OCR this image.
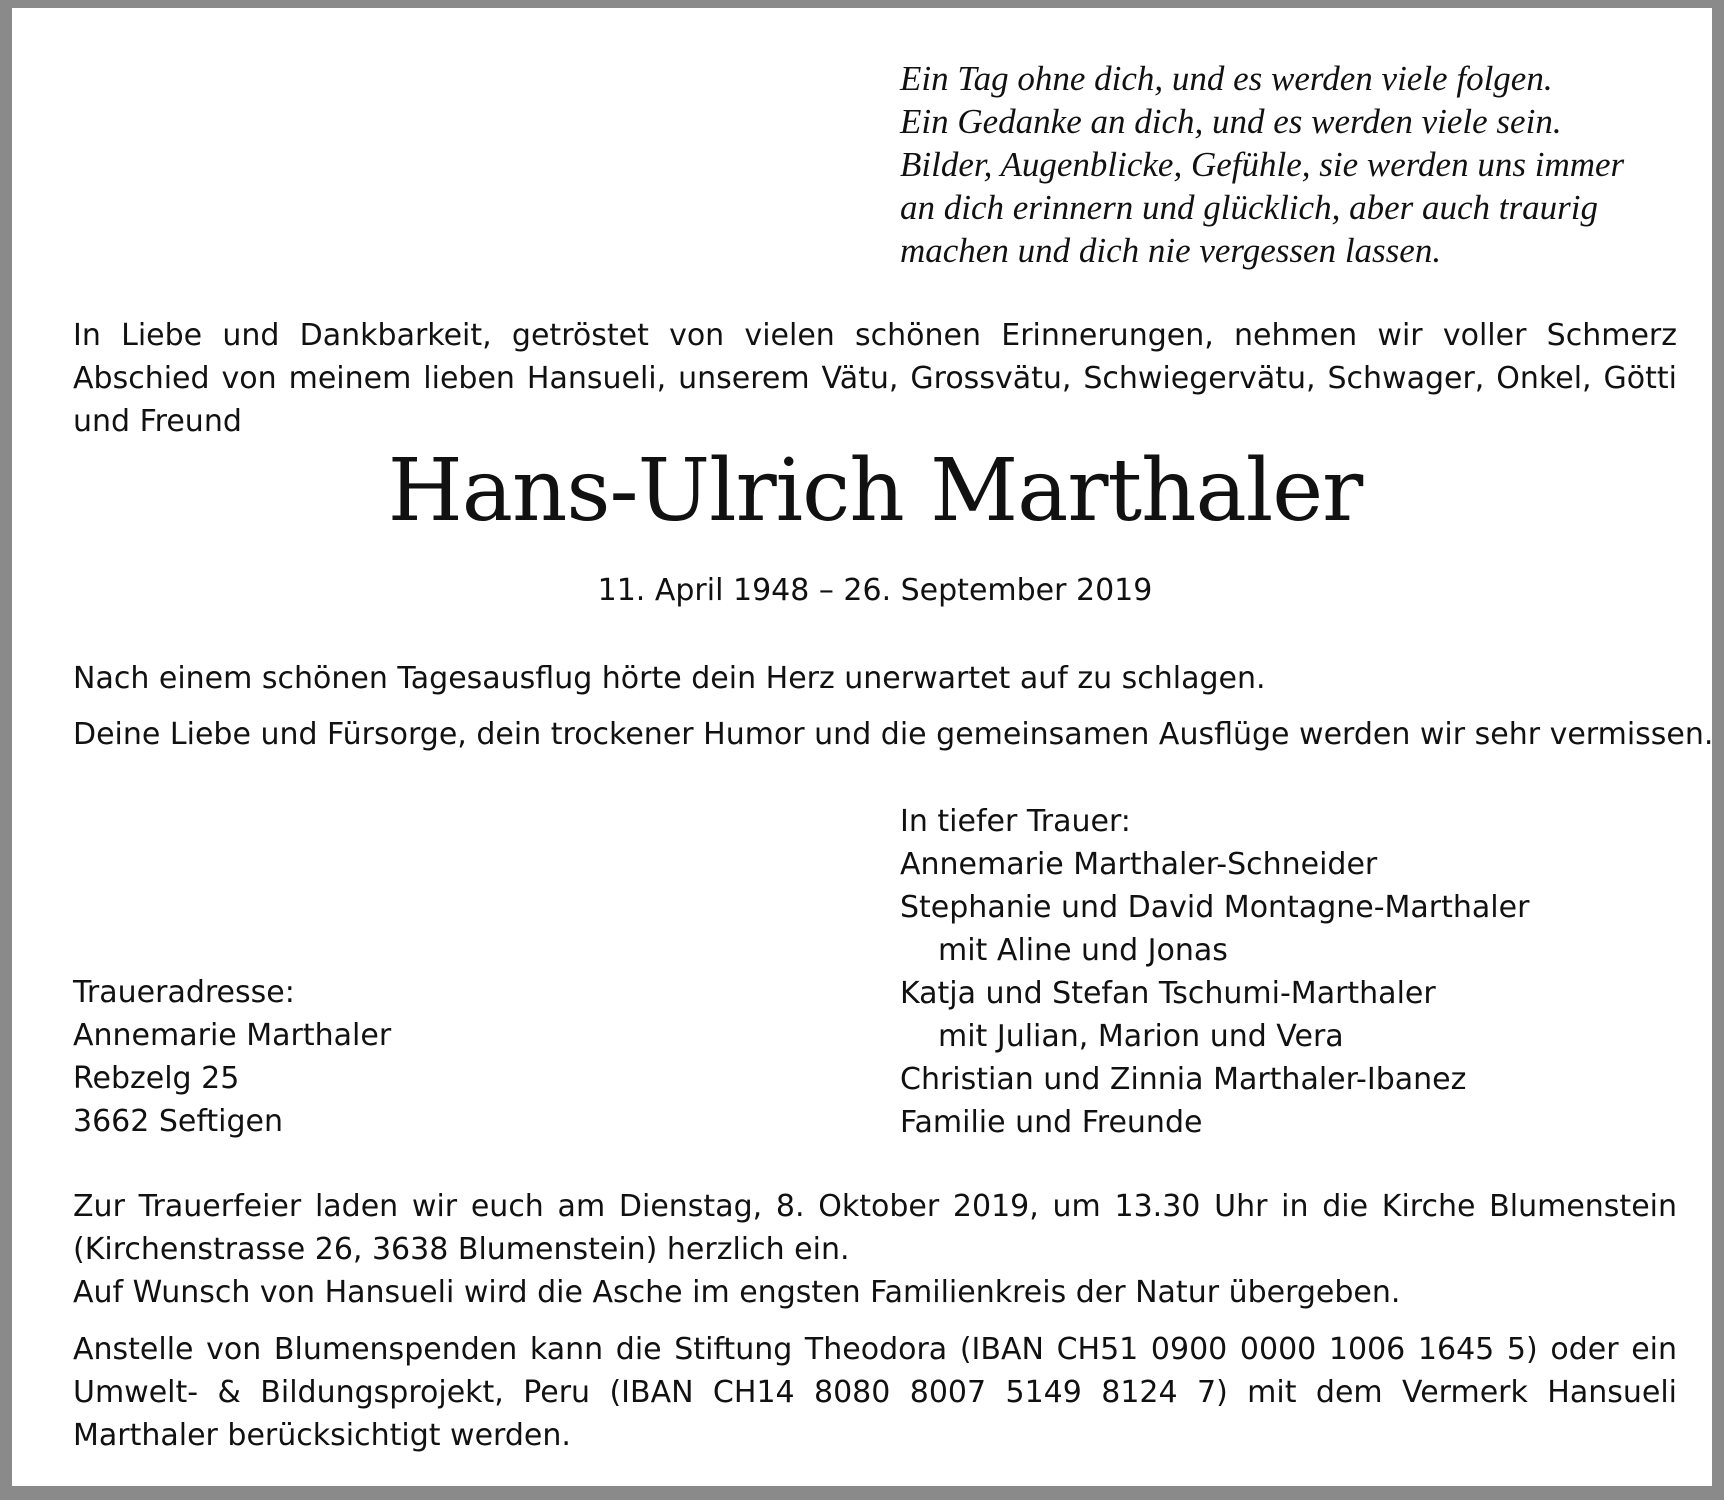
Ein Tag ohne dich, und es werden viele folgen.
Ein Gedanke an dich, und es werden viele sein.
Bilder, Augenblicke, Gefühle, sie werden uns immer
an dich erinnern und glücklich, aber auch traurig
machen und dich nie vergessen lassen.
In Liebe und Dankbarkeit, getröstet von vielen schönen Erinnerungen, nehmen wir voller Schmerz Abschied von meinem lieben Hansueli, unserem Vätu, Grossvätu, Schwiegervätu, Schwager, Onkel, Götti und Freund
Hans-Ulrich Marthaler
11. April 1948 – 26. September 2019
Nach einem schönen Tagesausflug hörte dein Herz unerwartet auf zu schlagen.
Deine Liebe und Fürsorge, dein trockener Humor und die gemeinsamen Ausflüge werden wir sehr vermissen.
In tiefer Trauer:
Annemarie Marthaler-Schneider
Stephanie und David Montagne-Marthaler
mit Aline und Jonas
Katja und Stefan Tschumi-Marthaler
mit Julian, Marion und Vera
Christian und Zinnia Marthaler-Ibanez
Familie und Freunde
Traueradresse:
Annemarie Marthaler
Rebzelg 25
3662 Seftigen
Zur Trauerfeier laden wir euch am Dienstag, 8. Oktober 2019, um 13.30 Uhr in die Kirche Blumenstein (Kirchenstrasse 26, 3638 Blumenstein) herzlich ein.
Auf Wunsch von Hansueli wird die Asche im engsten Familienkreis der Natur übergeben.
Anstelle von Blumenspenden kann die Stiftung Theodora (IBAN CH51 0900 0000 1006 1645 5) oder ein Umwelt- & Bildungsprojekt, Peru (IBAN CH14 8080 8007 5149 8124 7) mit dem Vermerk Hansueli Marthaler berücksichtigt werden.
